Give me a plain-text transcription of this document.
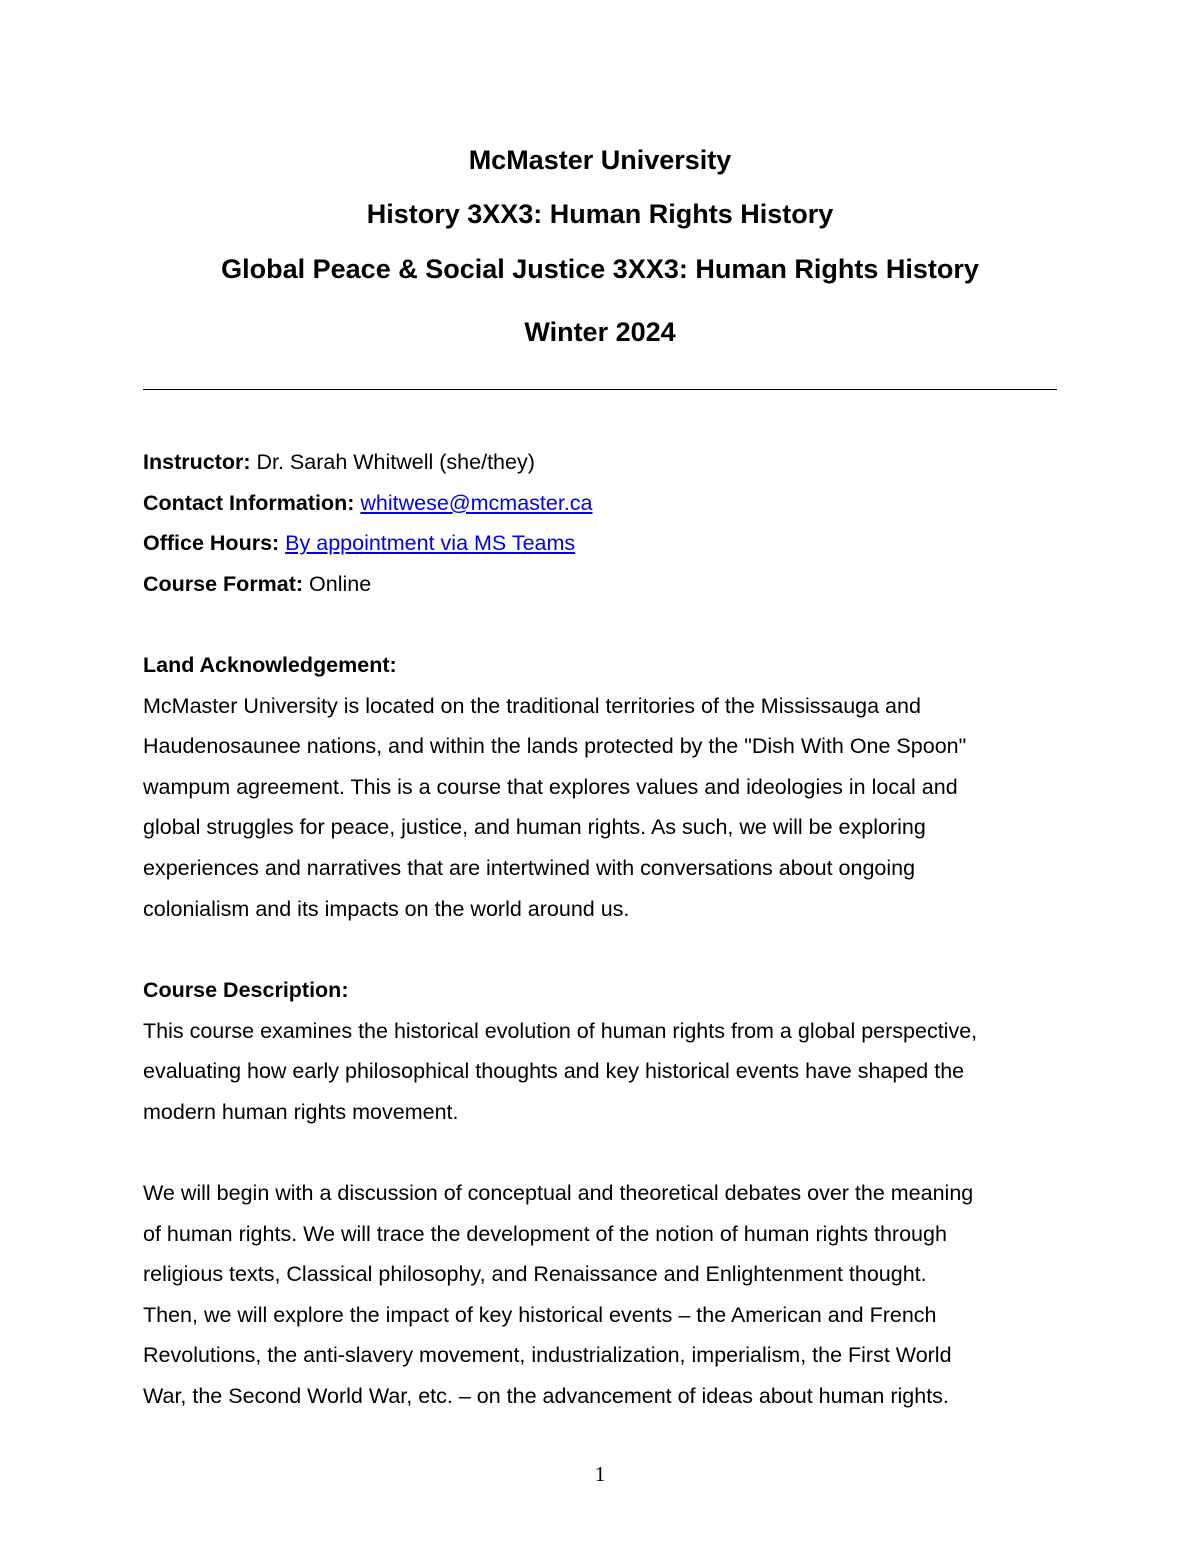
McMaster University
History 3XX3: Human Rights History
Global Peace & Social Justice 3XX3: Human Rights History
Winter 2024
Instructor: Dr. Sarah Whitwell (she/they)
Contact Information: whitwese@mcmaster.ca
Office Hours: By appointment via MS Teams
Course Format: Online
Land Acknowledgement:
McMaster University is located on the traditional territories of the Mississauga and
Haudenosaunee nations, and within the lands protected by the "Dish With One Spoon"
wampum agreement. This is a course that explores values and ideologies in local and
global struggles for peace, justice, and human rights. As such, we will be exploring
experiences and narratives that are intertwined with conversations about ongoing
colonialism and its impacts on the world around us.
Course Description:
This course examines the historical evolution of human rights from a global perspective,
evaluating how early philosophical thoughts and key historical events have shaped the
modern human rights movement.
We will begin with a discussion of conceptual and theoretical debates over the meaning
of human rights. We will trace the development of the notion of human rights through
religious texts, Classical philosophy, and Renaissance and Enlightenment thought.
Then, we will explore the impact of key historical events – the American and French
Revolutions, the anti-slavery movement, industrialization, imperialism, the First World
War, the Second World War, etc. – on the advancement of ideas about human rights.
1
